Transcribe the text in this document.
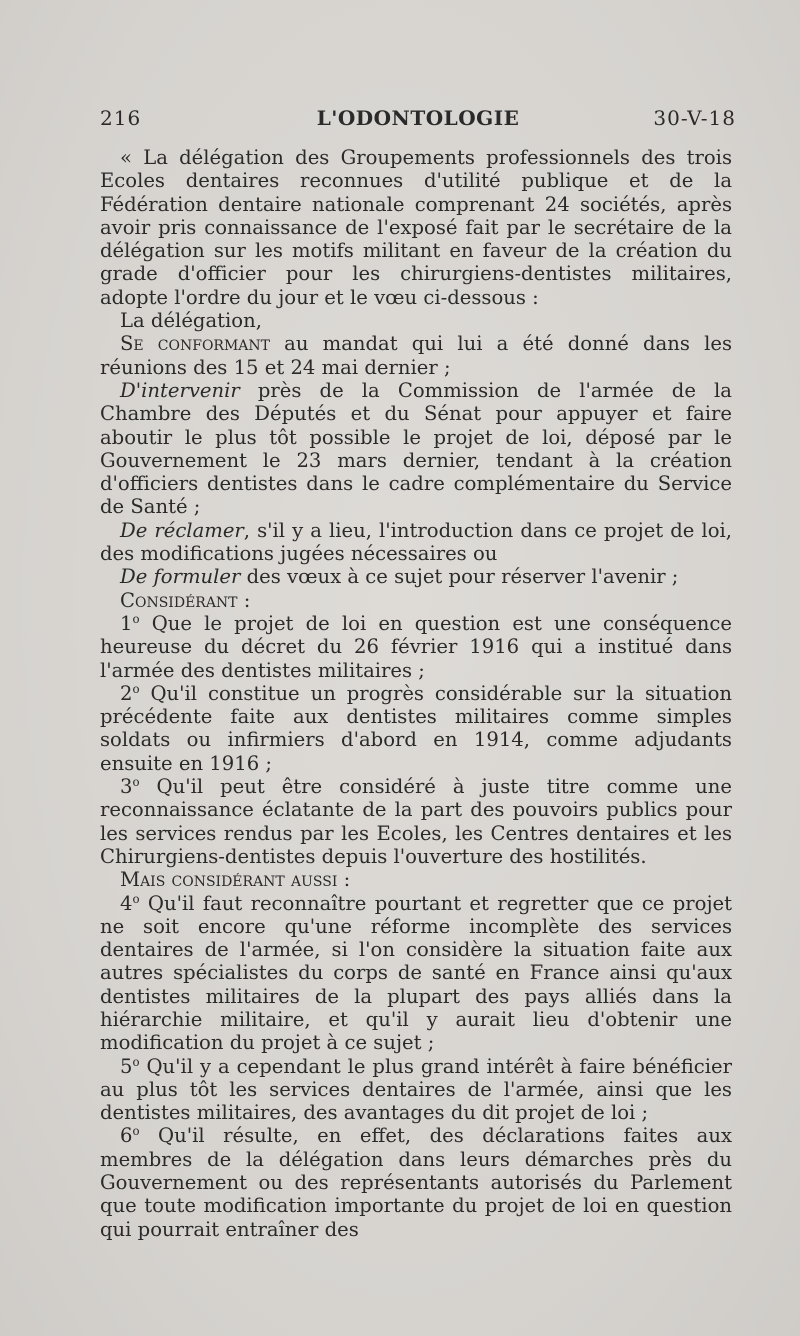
216	L'ODONTOLOGIE	30-V-18

« La délégation des Groupements professionnels des trois Ecoles dentaires reconnues d'utilité publique et de la Fédération dentaire nationale comprenant 24 sociétés, après avoir pris connaissance de l'exposé fait par le secrétaire de la délégation sur les motifs militant en faveur de la création du grade d'officier pour les chirurgiens-dentistes militaires, adopte l'ordre du jour et le vœu ci-dessous :

La délégation,

Se conformant au mandat qui lui a été donné dans les réunions des 15 et 24 mai dernier ;

D'intervenir près de la Commission de l'armée de la Chambre des Députés et du Sénat pour appuyer et faire aboutir le plus tôt possible le projet de loi, déposé par le Gouvernement le 23 mars dernier, tendant à la création d'officiers dentistes dans le cadre complémentaire du Service de Santé ;

De réclamer, s'il y a lieu, l'introduction dans ce projet de loi, des modifications jugées nécessaires ou

De formuler des vœux à ce sujet pour réserver l'avenir ;

Considérant :

1$^o$ Que le projet de loi en question est une conséquence heureuse du décret du 26 février 1916 qui a institué dans l'armée des dentistes militaires ;

2$^o$ Qu'il constitue un progrès considérable sur la situation précédente faite aux dentistes militaires comme simples soldats ou infirmiers d'abord en 1914, comme adjudants ensuite en 1916 ;

3$^o$ Qu'il peut être considéré à juste titre comme une reconnaissance éclatante de la part des pouvoirs publics pour les services rendus par les Ecoles, les Centres dentaires et les Chirurgiens-dentistes depuis l'ouverture des hostilités.

Mais considérant aussi :

4$^o$ Qu'il faut reconnaître pourtant et regretter que ce projet ne soit encore qu'une réforme incomplète des services dentaires de l'armée, si l'on considère la situation faite aux autres spécialistes du corps de santé en France ainsi qu'aux dentistes militaires de la plupart des pays alliés dans la hiérarchie militaire, et qu'il y aurait lieu d'obtenir une modification du projet à ce sujet ;

5$^o$ Qu'il y a cependant le plus grand intérêt à faire bénéficier au plus tôt les services dentaires de l'armée, ainsi que les dentistes militaires, des avantages du dit projet de loi ;

6$^o$ Qu'il résulte, en effet, des déclarations faites aux membres de la délégation dans leurs démarches près du Gouvernement ou des représentants autorisés du Parlement que toute modification importante du projet de loi en question qui pourrait entraîner des
